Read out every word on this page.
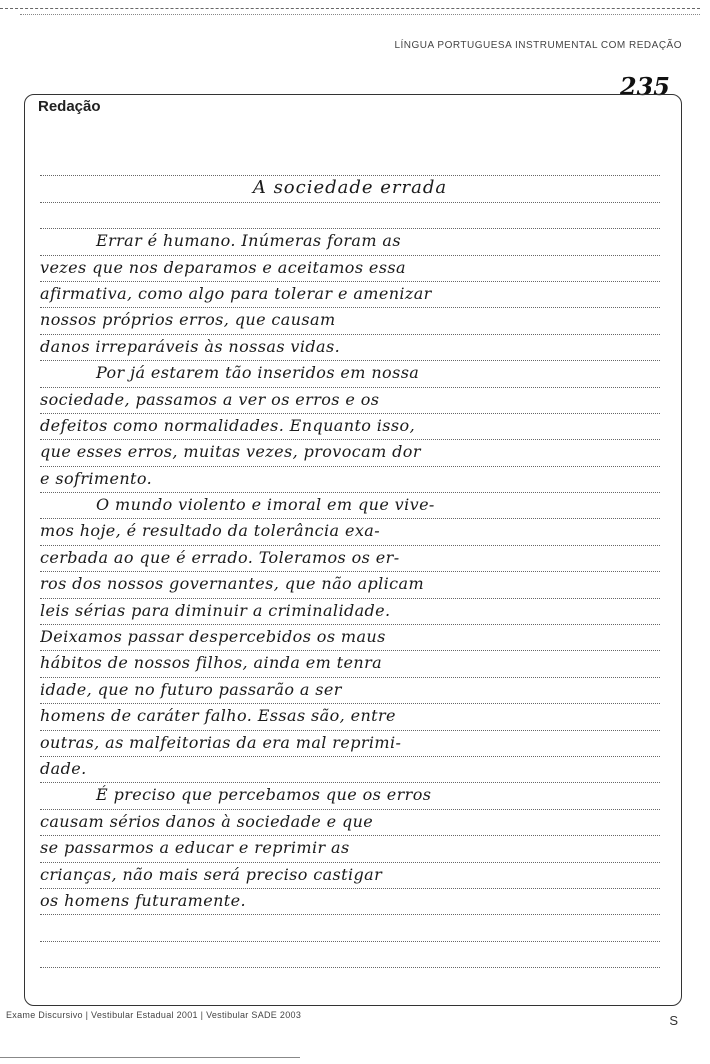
LÍNGUA PORTUGUESA INSTRUMENTAL COM REDAÇÃO
235
Redação
A sociedade errada
Errar é humano. Inúmeras foram as
vezes que nos deparamos e aceitamos essa
afirmativa, como algo para tolerar e amenizar
nossos próprios erros, que causam
danos irreparáveis às nossas vidas.
Por já estarem tão inseridos em nossa
sociedade, passamos a ver os erros e os
defeitos como normalidades. Enquanto isso,
que esses erros, muitas vezes, provocam dor
e sofrimento.
O mundo violento e imoral em que vive-
mos hoje, é resultado da tolerância exa-
cerbada ao que é errado. Toleramos os er-
ros dos nossos governantes, que não aplicam
leis sérias para diminuir a criminalidade.
Deixamos passar despercebidos os maus
hábitos de nossos filhos, ainda em tenra
idade, que no futuro passarão a ser
homens de caráter falho. Essas são, entre
outras, as malfeitorias da era mal reprimi-
dade.
É preciso que percebamos que os erros
causam sérios danos à sociedade e que
se passarmos a educar e reprimir as
crianças, não mais será preciso castigar
os homens futuramente.
Exame Discursivo | Vestibular Estadual 2001 | Vestibular SADE 2003	S
